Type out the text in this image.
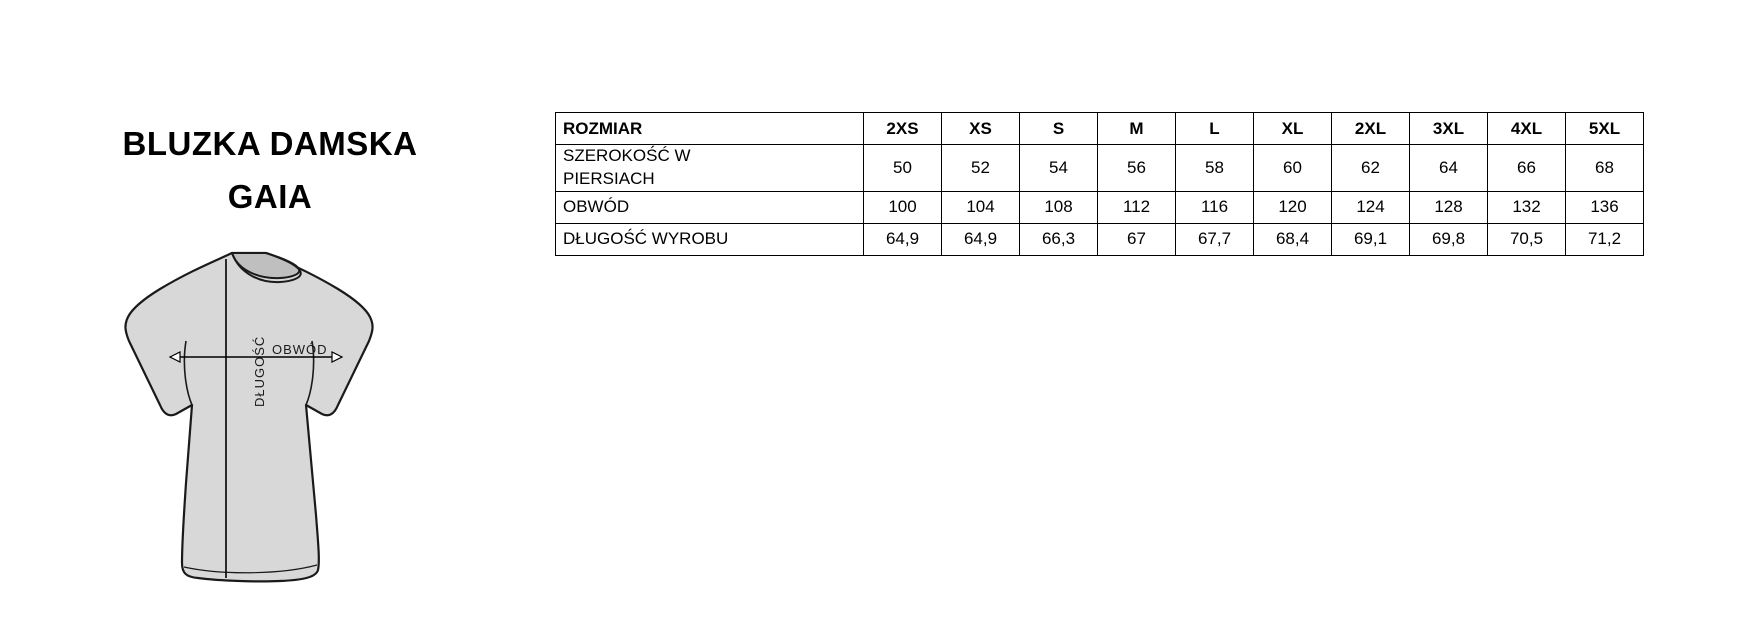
BLUZKA DAMSKA
GAIA
OBWÓD
DŁUGOŚĆ
ROZMIAR	2XS	XS	S	M	L	XL	2XL	3XL	4XL	5XL

SZEROKOŚĆ W
PIERSIACH	50	52	54	56	58	60	62	64	66	68
OBWÓD	100	104	108	112	116	120	124	128	132	136
DŁUGOŚĆ WYROBU	64,9	64,9	66,3	67	67,7	68,4	69,1	69,8	70,5	71,2
